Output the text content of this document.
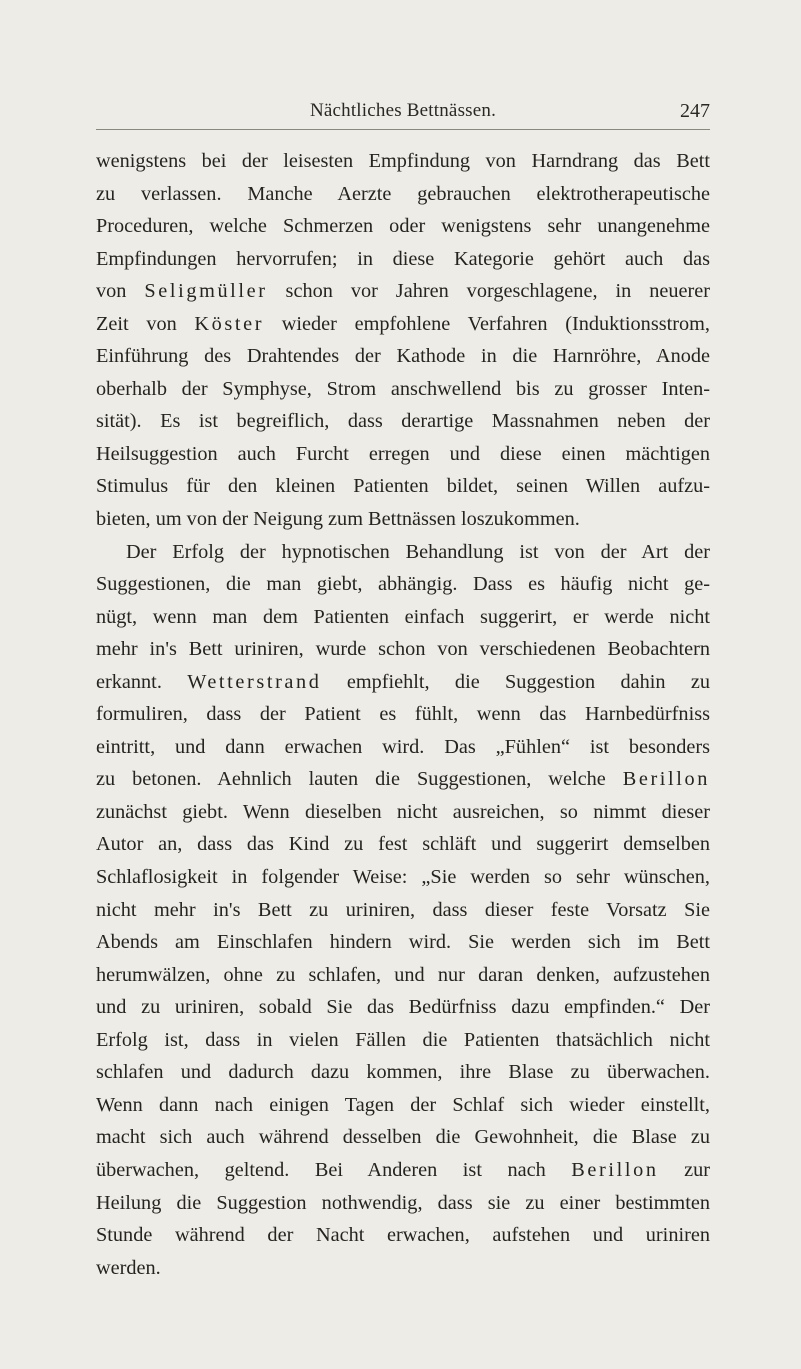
Nächtliches Bettnässen.	247
wenigstens bei der leisesten Empfindung von Harndrang das Bett
zu verlassen. Manche Aerzte gebrauchen elektrotherapeutische
Proceduren, welche Schmerzen oder wenigstens sehr unangenehme
Empfindungen hervorrufen; in diese Kategorie gehört auch das
von Seligmüller schon vor Jahren vorgeschlagene, in neuerer
Zeit von Köster wieder empfohlene Verfahren (Induktionsstrom,
Einführung des Drahtendes der Kathode in die Harnröhre, Anode
oberhalb der Symphyse, Strom anschwellend bis zu grosser Inten-
sität). Es ist begreiflich, dass derartige Massnahmen neben der
Heilsuggestion auch Furcht erregen und diese einen mächtigen
Stimulus für den kleinen Patienten bildet, seinen Willen aufzu-
bieten, um von der Neigung zum Bettnässen loszukommen.
Der Erfolg der hypnotischen Behandlung ist von der Art der
Suggestionen, die man giebt, abhängig. Dass es häufig nicht ge-
nügt, wenn man dem Patienten einfach suggerirt, er werde nicht
mehr in's Bett uriniren, wurde schon von verschiedenen Beobachtern
erkannt. Wetterstrand empfiehlt, die Suggestion dahin zu
formuliren, dass der Patient es fühlt, wenn das Harnbedürfniss
eintritt, und dann erwachen wird. Das „Fühlen“ ist besonders
zu betonen. Aehnlich lauten die Suggestionen, welche Berillon
zunächst giebt. Wenn dieselben nicht ausreichen, so nimmt dieser
Autor an, dass das Kind zu fest schläft und suggerirt demselben
Schlaflosigkeit in folgender Weise: „Sie werden so sehr wünschen,
nicht mehr in's Bett zu uriniren, dass dieser feste Vorsatz Sie
Abends am Einschlafen hindern wird. Sie werden sich im Bett
herumwälzen, ohne zu schlafen, und nur daran denken, aufzustehen
und zu uriniren, sobald Sie das Bedürfniss dazu empfinden.“ Der
Erfolg ist, dass in vielen Fällen die Patienten thatsächlich nicht
schlafen und dadurch dazu kommen, ihre Blase zu überwachen.
Wenn dann nach einigen Tagen der Schlaf sich wieder einstellt,
macht sich auch während desselben die Gewohnheit, die Blase zu
überwachen, geltend. Bei Anderen ist nach Berillon zur
Heilung die Suggestion nothwendig, dass sie zu einer bestimmten
Stunde während der Nacht erwachen, aufstehen und uriniren
werden.
